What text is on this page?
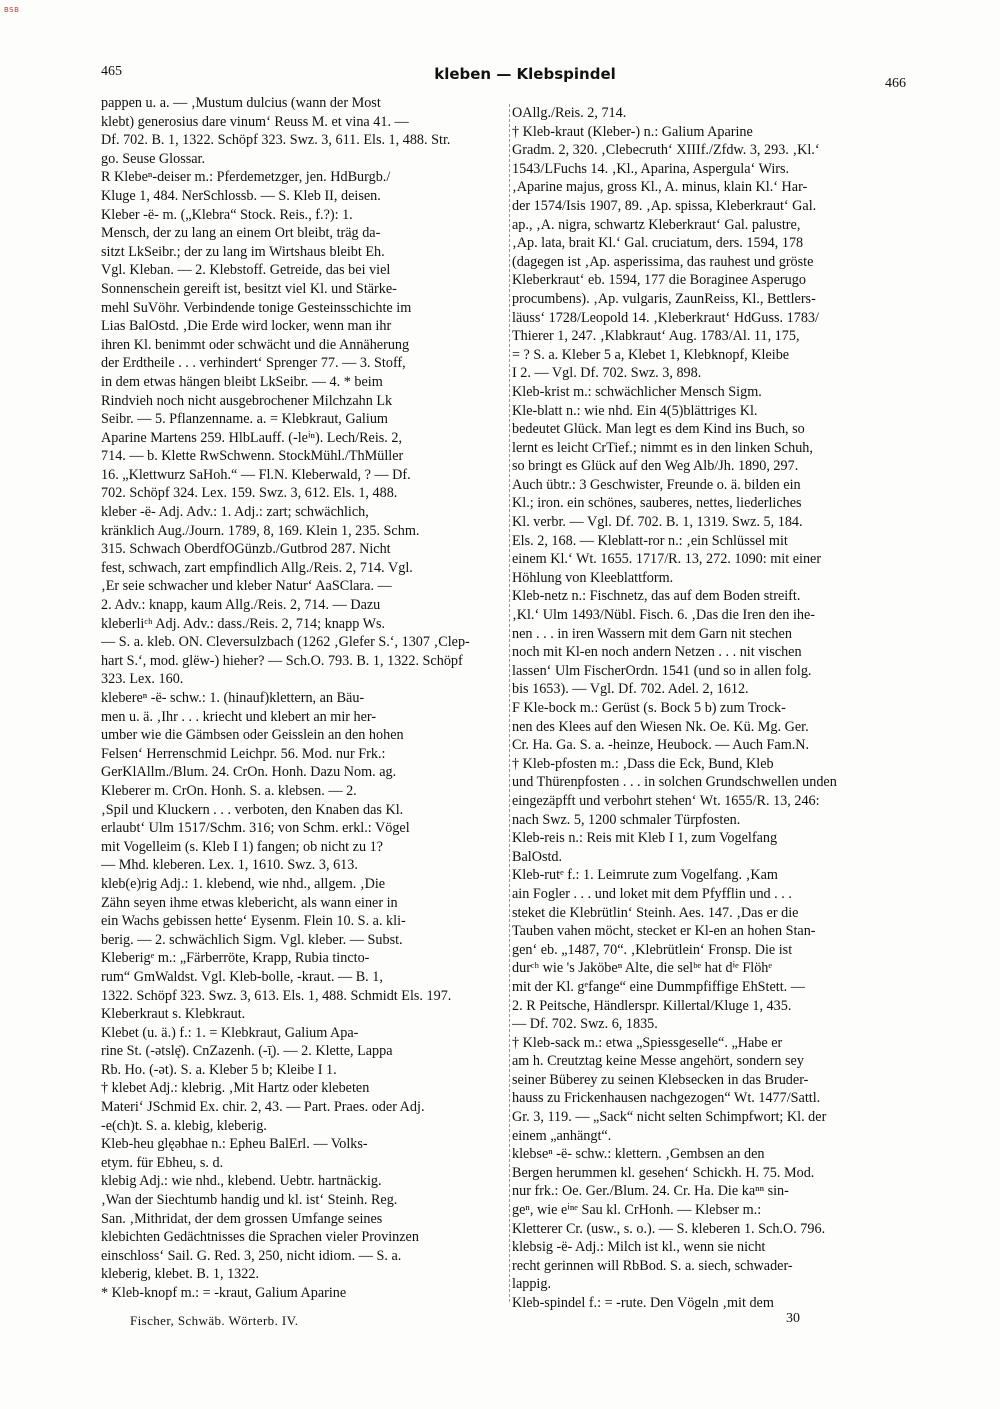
BSB
465	kleben — Klebspindel
466
pappen u. a. — ‚Mustum dulcius (wann der Most
klebt) generosius dare vinum‘ Reuss M. et vina 41. —
Df. 702. B. 1, 1322. Schöpf 323. Swz. 3, 611. Els. 1, 488. Str.
go. Seuse Glossar.
R Klebeⁿ-deiser m.: Pferdemetzger, jen. HdBurgb./
Kluge 1, 484. NerSchlossb. — S. Kleb II, deisen.
Kleber -ë- m. („Klebra“ Stock. Reis., f.?): 1.
Mensch, der zu lang an einem Ort bleibt, träg da-
sitzt LkSeibr.; der zu lang im Wirtshaus bleibt Eh.
Vgl. Kleban. — 2. Klebstoff. Getreide, das bei viel
Sonnenschein gereift ist, besitzt viel Kl. und Stärke-
mehl SuVöhr. Verbindende tonige Gesteinsschichte im
Lias BalOstd. ‚Die Erde wird locker, wenn man ihr
ihren Kl. benimmt oder schwächt und die Annäherung
der Erdtheile . . . verhindert‘ Sprenger 77. — 3. Stoff,
in dem etwas hängen bleibt LkSeibr. — 4. * beim
Rindvieh noch nicht ausgebrochener Milchzahn Lk
Seibr. — 5. Pflanzenname. a. = Klebkraut, Galium
Aparine Martens 259. HlbLauff. (-leⁱⁿ). Lech/Reis. 2,
714. — b. Klette RwSchwenn. StockMühl./ThMüller
16. „Klettwurz SaHoh.“ — Fl.N. Kleberwald, ? — Df.
702. Schöpf 324. Lex. 159. Swz. 3, 612. Els. 1, 488.
kleber -ë- Adj. Adv.: 1. Adj.: zart; schwächlich,
kränklich Aug./Journ. 1789, 8, 169. Klein 1, 235. Schm.
315. Schwach OberdfOGünzb./Gutbrod 287. Nicht
fest, schwach, zart empfindlich Allg./Reis. 2, 714. Vgl.
‚Er seie schwacher und kleber Natur‘ AaSClara. —
2. Adv.: knapp, kaum Allg./Reis. 2, 714. — Dazu
kleberliᶜʰ Adj. Adv.: dass./Reis. 2, 714; knapp Ws.
— S. a. kleb. ON. Cleversulzbach (1262 ‚Glefer S.‘, 1307 ‚Clep-
hart S.‘, mod. glëw-) hieher? — Sch.O. 793. B. 1, 1322. Schöpf
323. Lex. 160.
klebereⁿ -ë- schw.: 1. (hinauf)klettern, an Bäu-
men u. ä. ‚Ihr . . . kriecht und klebert an mir her-
umber wie die Gämbsen oder Geisslein an den hohen
Felsen‘ Herrenschmid Leichpr. 56. Mod. nur Frk.:
GerKlAllm./Blum. 24. CrOn. Honh. Dazu Nom. ag.
Kleberer m. CrOn. Honh. S. a. klebsen. — 2.
‚Spil und Kluckern . . . verboten, den Knaben das Kl.
erlaubt‘ Ulm 1517/Schm. 316; von Schm. erkl.: Vögel
mit Vogelleim (s. Kleb I 1) fangen; ob nicht zu 1?
— Mhd. kleberen. Lex. 1, 1610. Swz. 3, 613.
kleb(e)rig Adj.: 1. klebend, wie nhd., allgem. ‚Die
Zähn seyen ihme etwas klebericht, als wann einer in
ein Wachs gebissen hette‘ Eysenm. Flein 10. S. a. kli-
berig. — 2. schwächlich Sigm. Vgl. kleber. — Subst.
Kleberigᵉ m.: „Färberröte, Krapp, Rubia tincto-
rum“ GmWaldst. Vgl. Kleb-bolle, -kraut. — B. 1,
1322. Schöpf 323. Swz. 3, 613. Els. 1, 488. Schmidt Els. 197.
Kleberkraut s. Klebkraut.
Klebet (u. ä.) f.: 1. = Klebkraut, Galium Apa-
rine St. (-ətslę̄). CnZazenh. (-ī̦). — 2. Klette, Lappa
Rb. Ho. (-ət). S. a. Kleber 5 b; Kleibe I 1.
† klebet Adj.: klebrig. ‚Mit Hartz oder klebeten
Materi‘ JSchmid Ex. chir. 2, 43. — Part. Praes. oder Adj.
-e(ch)t. S. a. klebig, kleberig.
Kleb-heu glęəbhae n.: Epheu BalErl. — Volks-
etym. für Ebheu, s. d.
klebig Adj.: wie nhd., klebend. Uebtr. hartnäckig.
‚Wan der Siechtumb handig und kl. ist‘ Steinh. Reg.
San. ‚Mithridat, der dem grossen Umfange seines
klebichten Gedächtnisses die Sprachen vieler Provinzen
einschloss‘ Sail. G. Red. 3, 250, nicht idiom. — S. a.
kleberig, klebet. B. 1, 1322.
* Kleb-knopf m.: = -kraut, Galium Aparine
OAllg./Reis. 2, 714.
† Kleb-kraut (Kleber-) n.: Galium Aparine
Gradm. 2, 320. ‚Clebecruth‘ XIIIf./Zfdw. 3, 293. ‚Kl.‘
1543/LFuchs 14. ‚Kl., Aparina, Aspergula‘ Wirs.
‚Aparine majus, gross Kl., A. minus, klain Kl.‘ Har-
der 1574/Isis 1907, 89. ‚Ap. spissa, Kleberkraut‘ Gal.
ap., ‚A. nigra, schwartz Kleberkraut‘ Gal. palustre,
‚Ap. lata, brait Kl.‘ Gal. cruciatum, ders. 1594, 178
(dagegen ist ‚Ap. asperissima, das rauhest und gröste
Kleberkraut‘ eb. 1594, 177 die Boraginee Asperugo
procumbens). ‚Ap. vulgaris, ZaunReiss, Kl., Bettlers-
läuss‘ 1728/Leopold 14. ‚Kleberkraut‘ HdGuss. 1783/
Thierer 1, 247. ‚Klabkraut‘ Aug. 1783/Al. 11, 175,
= ? S. a. Kleber 5 a, Klebet 1, Klebknopf, Kleibe
I 2. — Vgl. Df. 702. Swz. 3, 898.
Kleb-krist m.: schwächlicher Mensch Sigm.
Kle-blatt n.: wie nhd. Ein 4(5)blättriges Kl.
bedeutet Glück. Man legt es dem Kind ins Buch, so
lernt es leicht CrTief.; nimmt es in den linken Schuh,
so bringt es Glück auf den Weg Alb/Jh. 1890, 297.
Auch übtr.: 3 Geschwister, Freunde o. ä. bilden ein
Kl.; iron. ein schönes, sauberes, nettes, liederliches
Kl. verbr. — Vgl. Df. 702. B. 1, 1319. Swz. 5, 184.
Els. 2, 168. — Kleblatt-ror n.: ‚ein Schlüssel mit
einem Kl.‘ Wt. 1655. 1717/R. 13, 272. 1090: mit einer
Höhlung von Kleeblattform.
Kleb-netz n.: Fischnetz, das auf dem Boden streift.
‚Kl.‘ Ulm 1493/Nübl. Fisch. 6. ‚Das die Iren den ihe-
nen . . . in iren Wassern mit dem Garn nit stechen
noch mit Kl-en noch andern Netzen . . . nit vischen
lassen‘ Ulm FischerOrdn. 1541 (und so in allen folg.
bis 1653). — Vgl. Df. 702. Adel. 2, 1612.
F Kle-bock m.: Gerüst (s. Bock 5 b) zum Trock-
nen des Klees auf den Wiesen Nk. Oe. Kü. Mg. Ger.
Cr. Ha. Ga. S. a. -heinze, Heubock. — Auch Fam.N.
† Kleb-pfosten m.: ‚Dass die Eck, Bund, Kleb
und Thürenpfosten . . . in solchen Grundschwellen unden
eingezäpfft und verbohrt stehen‘ Wt. 1655/R. 13, 246:
nach Swz. 5, 1200 schmaler Türpfosten.
Kleb-reis n.: Reis mit Kleb I 1, zum Vogelfang
BalOstd.
Kleb-rutᵉ f.: 1. Leimrute zum Vogelfang. ‚Kam
ain Fogler . . . und loket mit dem Pfyfflin und . . .
steket die Klebrütlin‘ Steinh. Aes. 147. ‚Das er die
Tauben vahen möcht, stecket er Kl-en an hohen Stan-
gen‘ eb. „1487, 70“. ‚Klebrütlein‘ Fronsp. Die ist
durᶜʰ wie 's Jaköbeⁿ Alte, die selᵇᵉ hat dⁱᵉ Flöhᵉ
mit der Kl. gᵉfange“ eine Dummpfiffige EhStett. —
2. R Peitsche, Händlerspr. Killertal/Kluge 1, 435.
— Df. 702. Swz. 6, 1835.
† Kleb-sack m.: etwa „Spiessgeselle“. „Habe er
am h. Creutztag keine Messe angehört, sondern sey
seiner Büberey zu seinen Klebsecken in das Bruder-
hauss zu Frickenhausen nachgezogen“ Wt. 1477/Sattl.
Gr. 3, 119. — „Sack“ nicht selten Schimpfwort; Kl. der
einem „anhängt“.
klebseⁿ -ë- schw.: klettern. ‚Gembsen an den
Bergen herummen kl. gesehen‘ Schickh. H. 75. Mod.
nur frk.: Oe. Ger./Blum. 24. Cr. Ha. Die kaⁿⁿ sin-
geⁿ, wie eⁱⁿᵉ Sau kl. CrHonh. — Klebser m.:
Kletterer Cr. (usw., s. o.). — S. kleberen 1. Sch.O. 796.
klebsig -ë- Adj.: Milch ist kl., wenn sie nicht
recht gerinnen will RbBod. S. a. siech, schwader-
lappig.
Kleb-spindel f.: = -rute. Den Vögeln ‚mit dem
Fischer, Schwäb. Wörterb. IV.	30
